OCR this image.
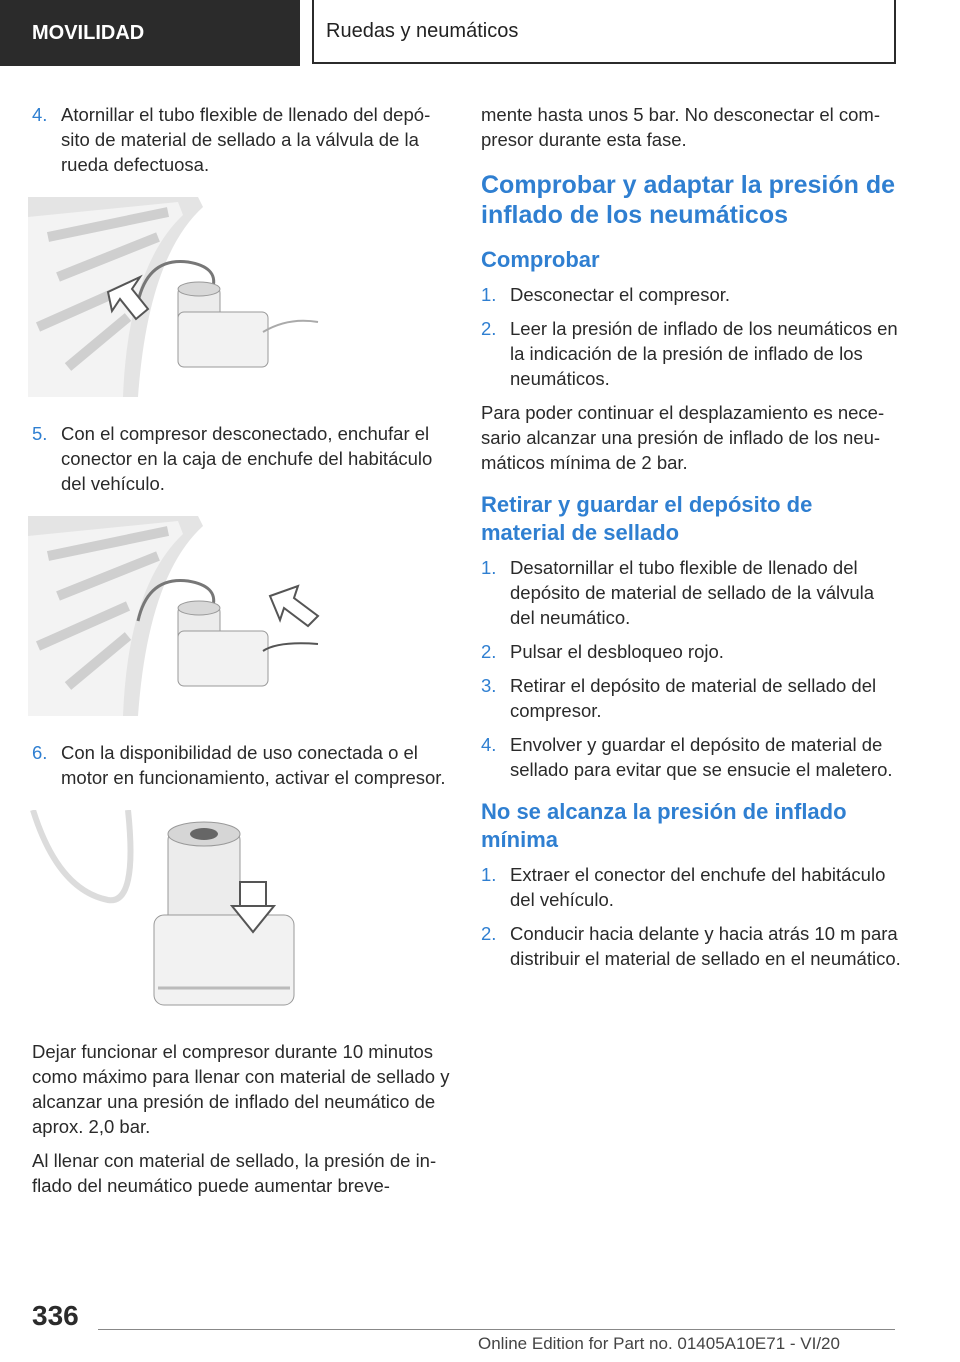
MOVILIDAD	Ruedas y neumáticos
4. Atornillar el tubo flexible de llenado del depósito de material de sellado a la válvula de la rueda defectuosa.
5. Con el compresor desconectado, enchufar el conector en la caja de enchufe del habitáculo del vehículo.
6. Con la disponibilidad de uso conectada o el motor en funcionamiento, activar el compresor.

Dejar funcionar el compresor durante 10 minutos como máximo para llenar con material de sellado y alcanzar una presión de inflado del neumático de aprox. 2,0 bar.

Al llenar con material de sellado, la presión de inflado del neumático puede aumentar breve-

mente hasta unos 5 bar. No desconectar el compresor durante esta fase.

Comprobar y adaptar la presión de inflado de los neumáticos
Comprobar
1. Desconectar el compresor.
2. Leer la presión de inflado de los neumáticos en la indicación de la presión de inflado de los neumáticos.

Para poder continuar el desplazamiento es necesario alcanzar una presión de inflado de los neumáticos mínima de 2 bar.

Retirar y guardar el depósito de material de sellado
1. Desatornillar el tubo flexible de llenado del depósito de material de sellado de la válvula del neumático.
2. Pulsar el desbloqueo rojo.
3. Retirar el depósito de material de sellado del compresor.
4. Envolver y guardar el depósito de material de sellado para evitar que se ensucie el maletero.
No se alcanza la presión de inflado mínima
1. Extraer el conector del enchufe del habitáculo del vehículo.
2. Conducir hacia delante y hacia atrás 10 m para distribuir el material de sellado en el neumático.
336
Online Edition for Part no. 01405A10E71 - VI/20
